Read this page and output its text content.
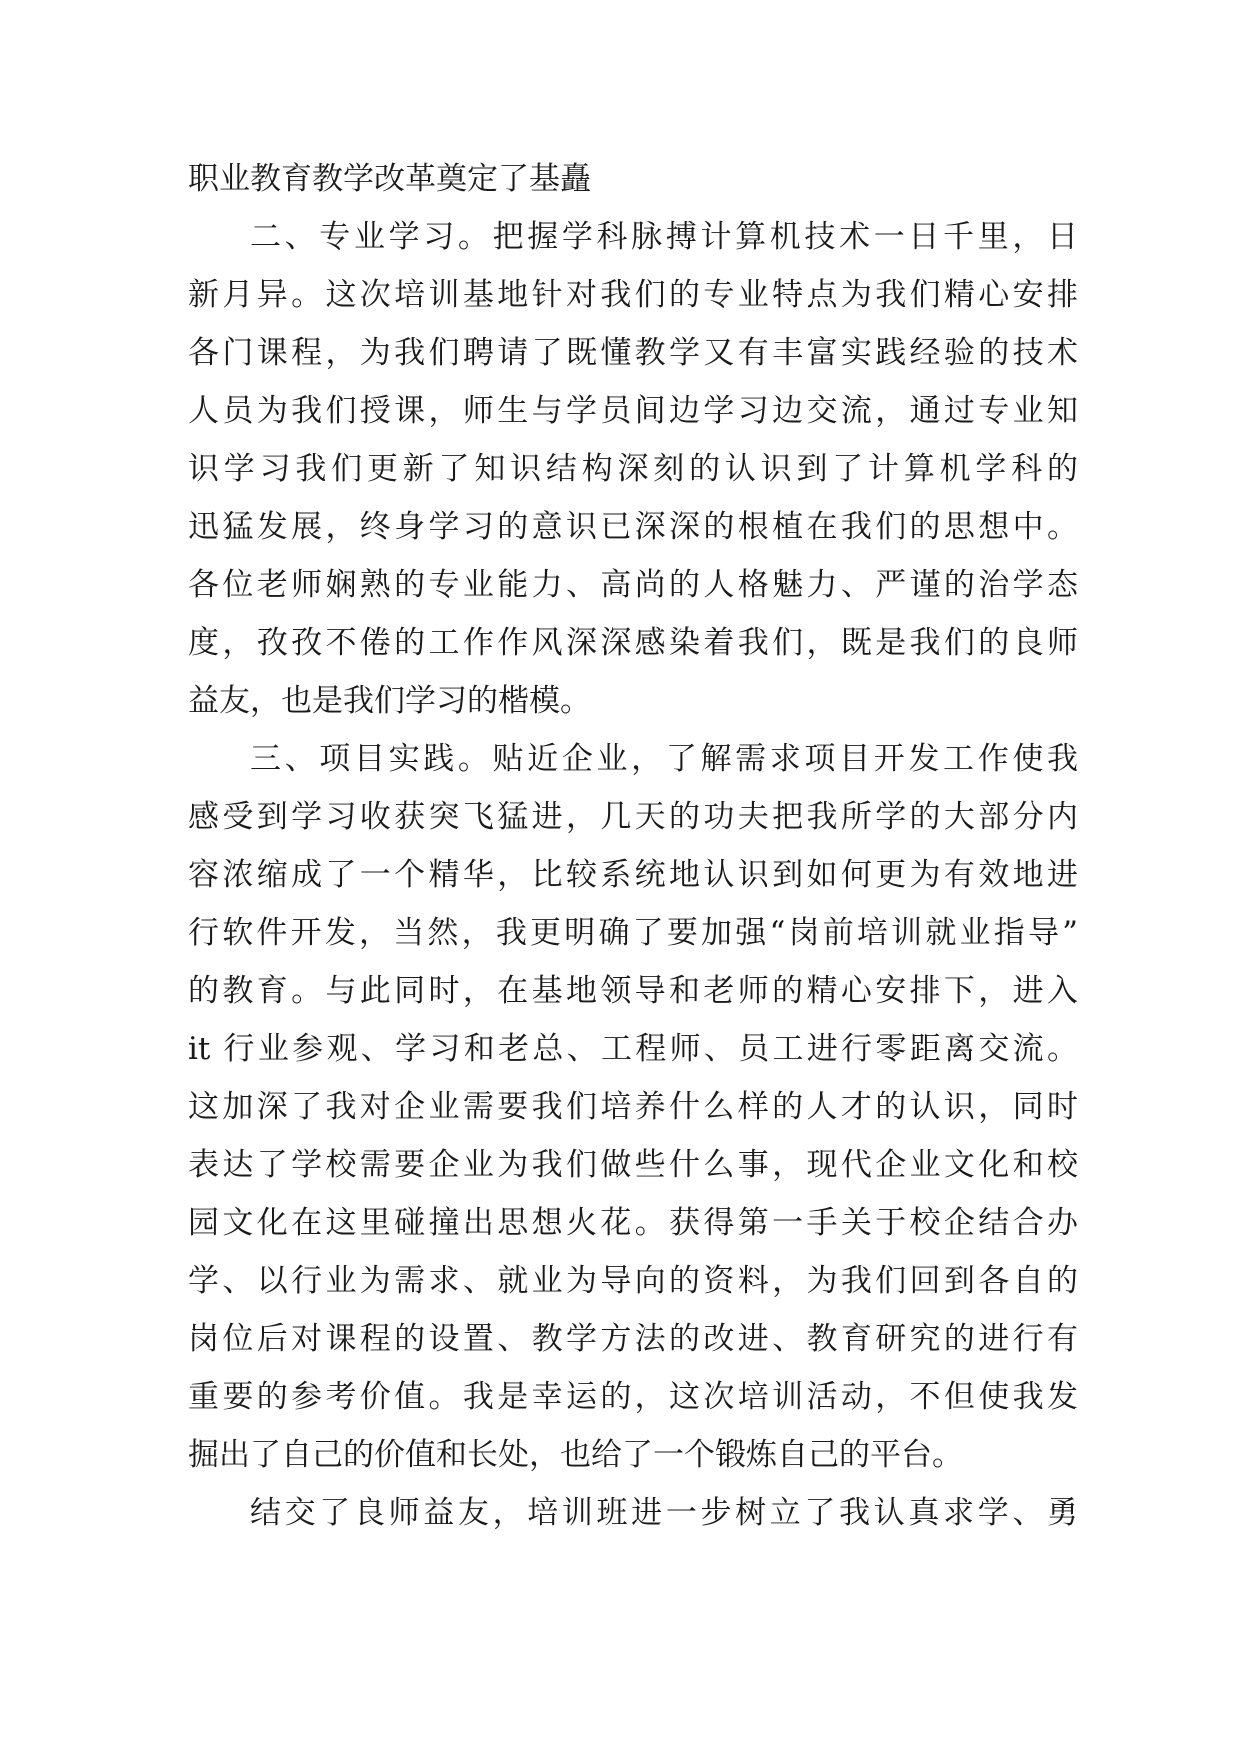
职业教育教学改革奠定了基矗
二、专业学习。把握学科脉搏计算机技术一日千里，日
新月异。这次培训基地针对我们的专业特点为我们精心安排
各门课程，为我们聘请了既懂教学又有丰富实践经验的技术
人员为我们授课，师生与学员间边学习边交流，通过专业知
识学习我们更新了知识结构深刻的认识到了计算机学科的
迅猛发展，终身学习的意识已深深的根植在我们的思想中。
各位老师娴熟的专业能力、高尚的人格魅力、严谨的治学态
度，孜孜不倦的工作作风深深感染着我们，既是我们的良师
益友，也是我们学习的楷模。
三、项目实践。贴近企业，了解需求项目开发工作使我
感受到学习收获突飞猛进，几天的功夫把我所学的大部分内
容浓缩成了一个精华，比较系统地认识到如何更为有效地进
行软件开发，当然，我更明确了要加强“岗前培训就业指导”
的教育。与此同时，在基地领导和老师的精心安排下，进入
it 行业参观、学习和老总、工程师、员工进行零距离交流。
这加深了我对企业需要我们培养什么样的人才的认识，同时
表达了学校需要企业为我们做些什么事，现代企业文化和校
园文化在这里碰撞出思想火花。获得第一手关于校企结合办
学、以行业为需求、就业为导向的资料，为我们回到各自的
岗位后对课程的设置、教学方法的改进、教育研究的进行有
重要的参考价值。我是幸运的，这次培训活动，不但使我发
掘出了自己的价值和长处，也给了一个锻炼自己的平台。
结交了良师益友，培训班进一步树立了我认真求学、勇
